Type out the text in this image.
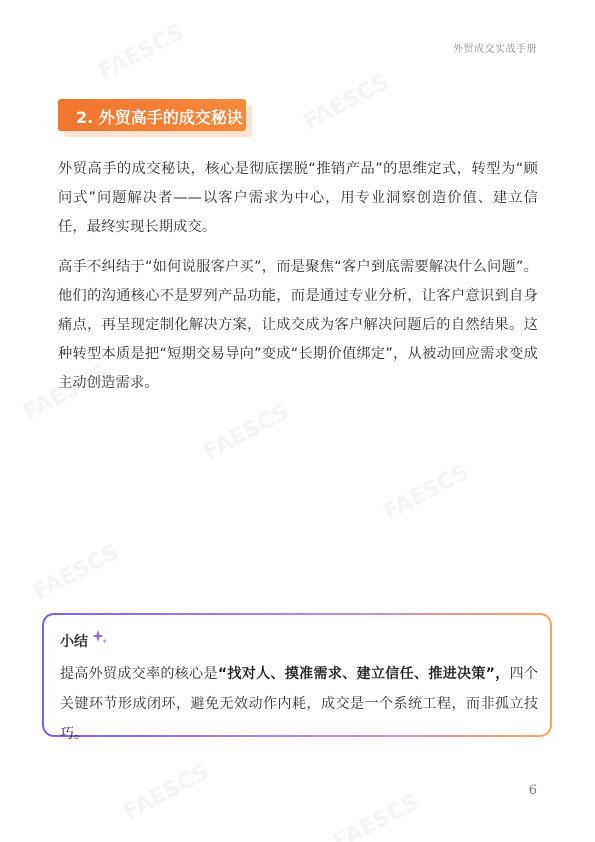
外贸成交实战手册
2. 外贸高手的成交秘诀

外贸高手的成交秘诀，核心是彻底摆脱“推销产品”的思维定式，转型为“顾问式”问题解决者——以客户需求为中心，用专业洞察创造价值、建立信任，最终实现长期成交。

高手不纠结于“如何说服客户买”，而是聚焦“客户到底需要解决什么问题”。他们的沟通核心不是罗列产品功能，而是通过专业分析，让客户意识到自身痛点，再呈现定制化解决方案，让成交成为客户解决问题后的自然结果。这种转型本质是把“短期交易导向”变成“长期价值绑定”，从被动回应需求变成主动创造需求。

小结

提高外贸成交率的核心是“找对人、摸准需求、建立信任、推进决策”，四个关键环节形成闭环，避免无效动作内耗，成交是一个系统工程，而非孤立技巧。

6
